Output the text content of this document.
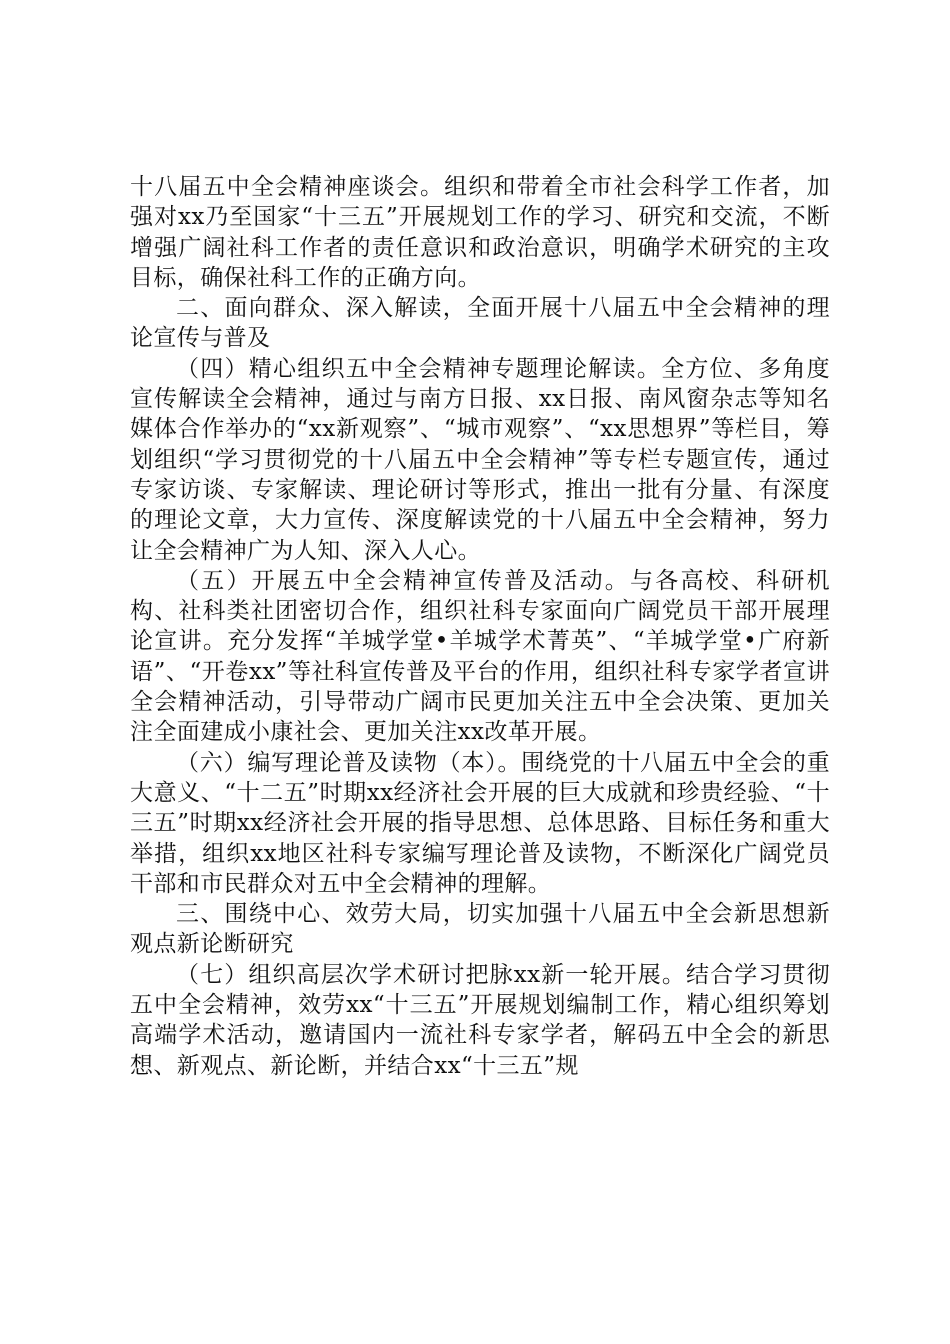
十八届五中全会精神座谈会。组织和带着全市社会科学工作者，加强对xx乃至国家“十三五”开展规划工作的学习、研究和交流，不断增强广阔社科工作者的责任意识和政治意识，明确学术研究的主攻目标，确保社科工作的正确方向。

二、面向群众、深入解读，全面开展十八届五中全会精神的理论宣传与普及

（四）精心组织五中全会精神专题理论解读。全方位、多角度宣传解读全会精神，通过与南方日报、xx日报、南风窗杂志等知名媒体合作举办的“xx新观察”、“城市观察”、“xx思想界”等栏目，筹划组织“学习贯彻党的十八届五中全会精神”等专栏专题宣传，通过专家访谈、专家解读、理论研讨等形式，推出一批有分量、有深度的理论文章，大力宣传、深度解读党的十八届五中全会精神，努力让全会精神广为人知、深入人心。

（五）开展五中全会精神宣传普及活动。与各高校、科研机构、社科类社团密切合作，组织社科专家面向广阔党员干部开展理论宣讲。充分发挥“羊城学堂•羊城学术菁英”、“羊城学堂•广府新语”、“开卷xx”等社科宣传普及平台的作用，组织社科专家学者宣讲全会精神活动，引导带动广阔市民更加关注五中全会决策、更加关注全面建成小康社会、更加关注xx改革开展。

（六）编写理论普及读物（本）。围绕党的十八届五中全会的重大意义、“十二五”时期xx经济社会开展的巨大成就和珍贵经验、“十三五”时期xx经济社会开展的指导思想、总体思路、目标任务和重大举措，组织xx地区社科专家编写理论普及读物，不断深化广阔党员干部和市民群众对五中全会精神的理解。

三、围绕中心、效劳大局，切实加强十八届五中全会新思想新观点新论断研究

（七）组织高层次学术研讨把脉xx新一轮开展。结合学习贯彻五中全会精神，效劳xx“十三五”开展规划编制工作，精心组织筹划高端学术活动，邀请国内一流社科专家学者，解码五中全会的新思想、新观点、新论断，并结合xx“十三五”规
